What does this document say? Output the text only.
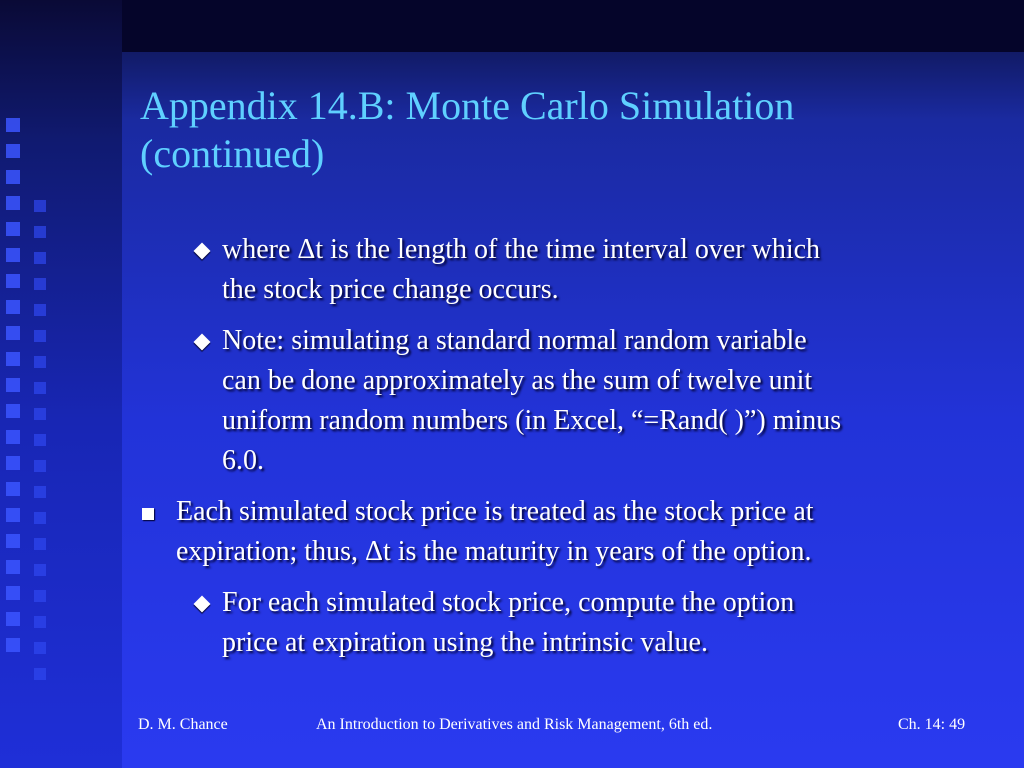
Appendix 14.B: Monte Carlo Simulation
(continued)
where Δt is the length of the time interval over which
the stock price change occurs.
Note: simulating a standard normal random variable
can be done approximately as the sum of twelve unit
uniform random numbers (in Excel, “=Rand( )”) minus
6.0.
Each simulated stock price is treated as the stock price at
expiration; thus, Δt is the maturity in years of the option.
For each simulated stock price, compute the option
price at expiration using the intrinsic value.
D. M. Chance	An Introduction to Derivatives and Risk Management, 6th ed.	Ch. 14: 49
